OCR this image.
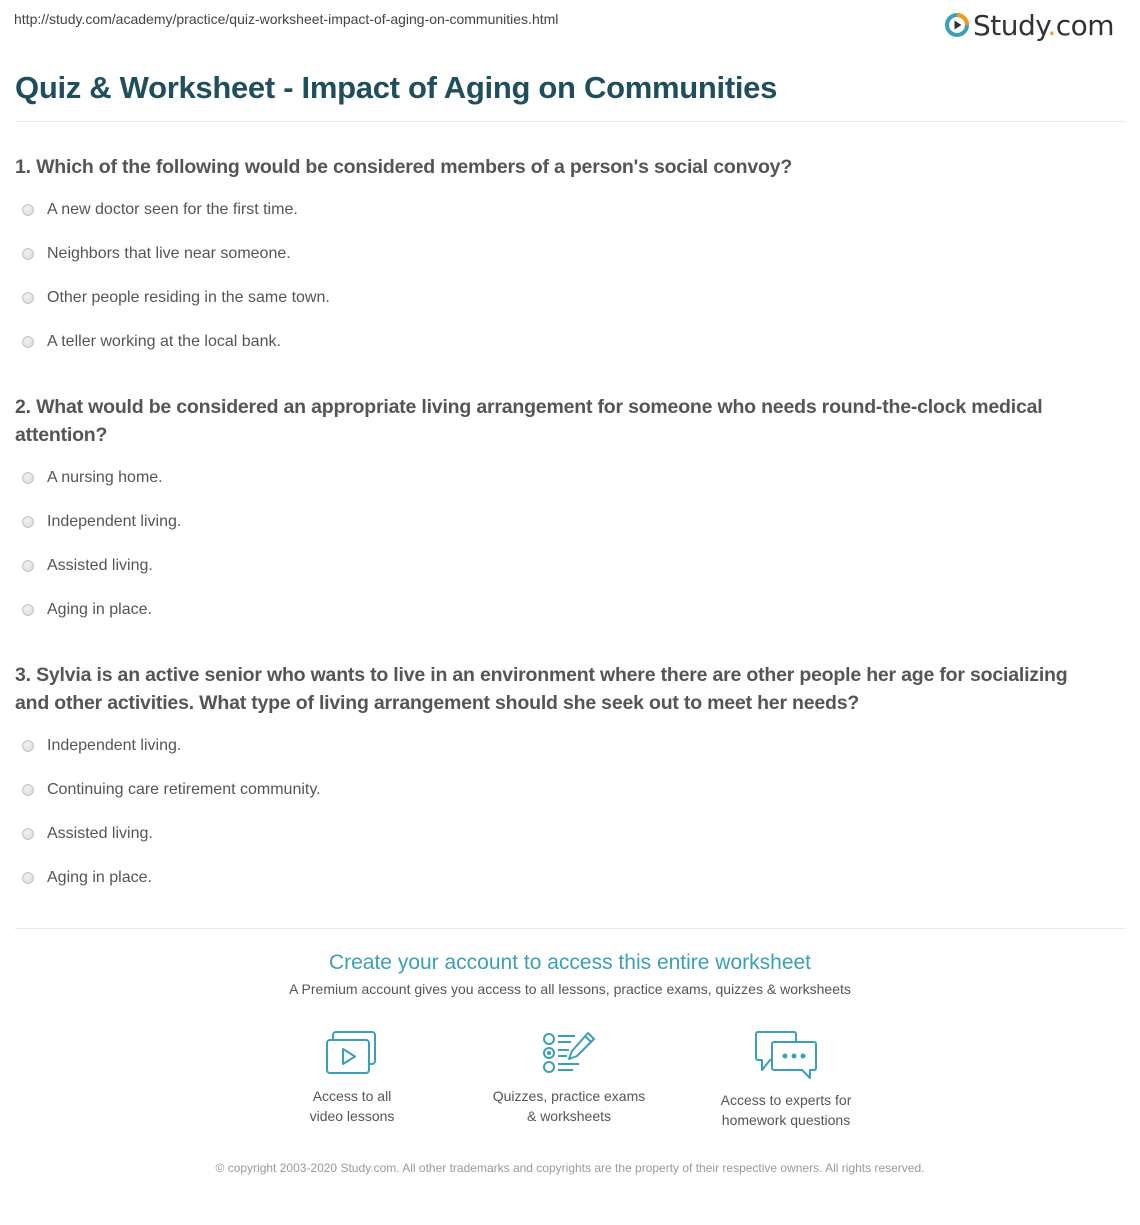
http://study.com/academy/practice/quiz-worksheet-impact-of-aging-on-communities.html	Study.com
Quiz & Worksheet - Impact of Aging on Communities
1. Which of the following would be considered members of a person's social convoy?
A new doctor seen for the first time.
Neighbors that live near someone.
Other people residing in the same town.
A teller working at the local bank.
2. What would be considered an appropriate living arrangement for someone who needs round-the-clock medical attention?
A nursing home.
Independent living.
Assisted living.
Aging in place.
3. Sylvia is an active senior who wants to live in an environment where there are other people her age for socializing and other activities. What type of living arrangement should she seek out to meet her needs?
Independent living.
Continuing care retirement community.
Assisted living.
Aging in place.
Create your account to access this entire worksheet
A Premium account gives you access to all lessons, practice exams, quizzes & worksheets
Access to all
video lessons
Quizzes, practice exams
& worksheets
Access to experts for
homework questions
© copyright 2003-2020 Study.com. All other trademarks and copyrights are the property of their respective owners. All rights reserved.
